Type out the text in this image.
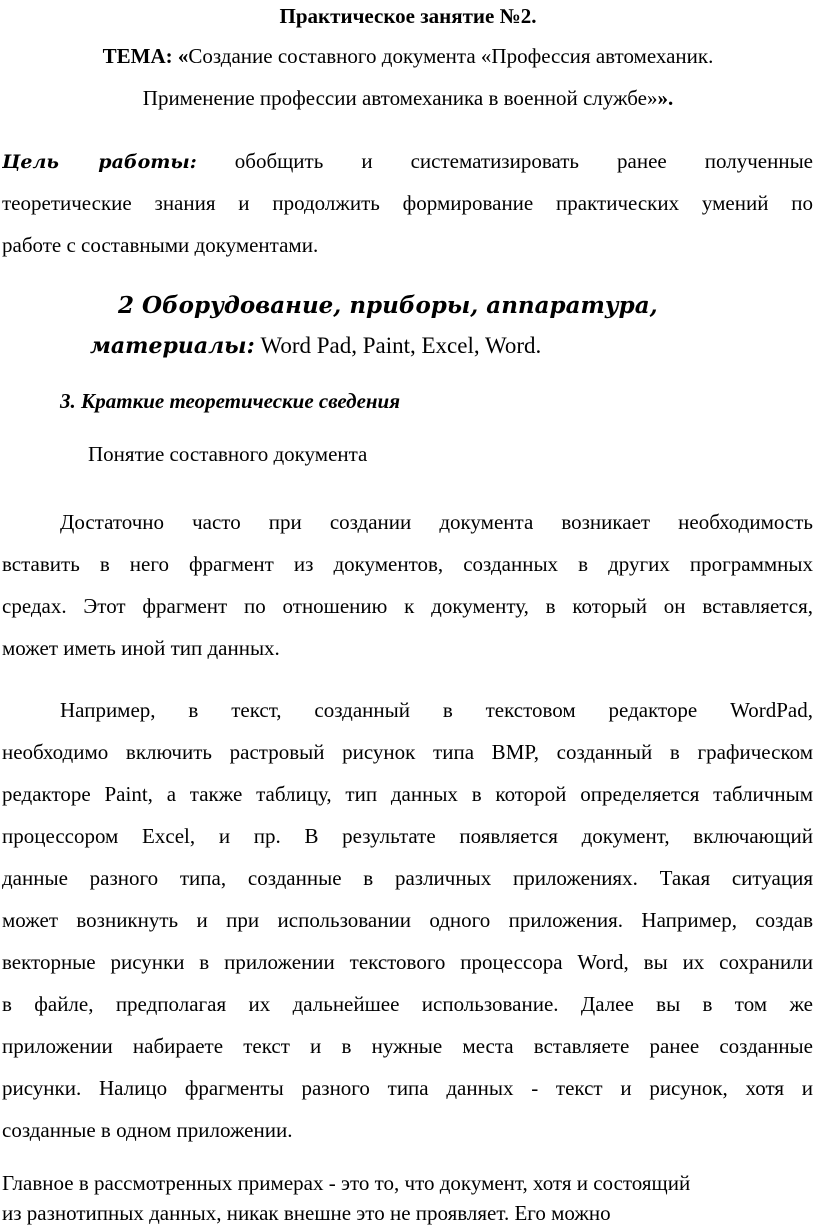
Практическое занятие №2.
ТЕМА: «Создание составного документа «Профессия автомеханик.
Применение профессии автомеханика в военной службе»».
Цель работы: обобщить и систематизировать ранее полученные
теоретические знания и продолжить формирование практических умений по
работе с составными документами.
2 Оборудование, приборы, аппаратура,
материалы: Word Pad, Paint, Excel, Word.
3. Краткие теоретические сведения
Понятие составного документа
Достаточно часто при создании документа возникает необходимость
вставить в него фрагмент из документов, созданных в других программных
средах. Этот фрагмент по отношению к документу, в который он вставляется,
может иметь иной тип данных.
Например, в текст, созданный в текстовом редакторе WordPad,
необходимо включить растровый рисунок типа BMP, созданный в графическом
редакторе Paint, а также таблицу, тип данных в которой определяется табличным
процессором Excel, и пр. В результате появляется документ, включающий
данные разного типа, созданные в различных приложениях. Такая ситуация
может возникнуть и при использовании одного приложения. Например, создав
векторные рисунки в приложении текстового процессора Word, вы их сохранили
в файле, предполагая их дальнейшее использование. Далее вы в том же
приложении набираете текст и в нужные места вставляете ранее созданные
рисунки. Налицо фрагменты разного типа данных - текст и рисунок, хотя и
созданные в одном приложении.
Главное в рассмотренных примерах - это то, что документ, хотя и состоящий
из разнотипных данных, никак внешне это не проявляет. Его можно
